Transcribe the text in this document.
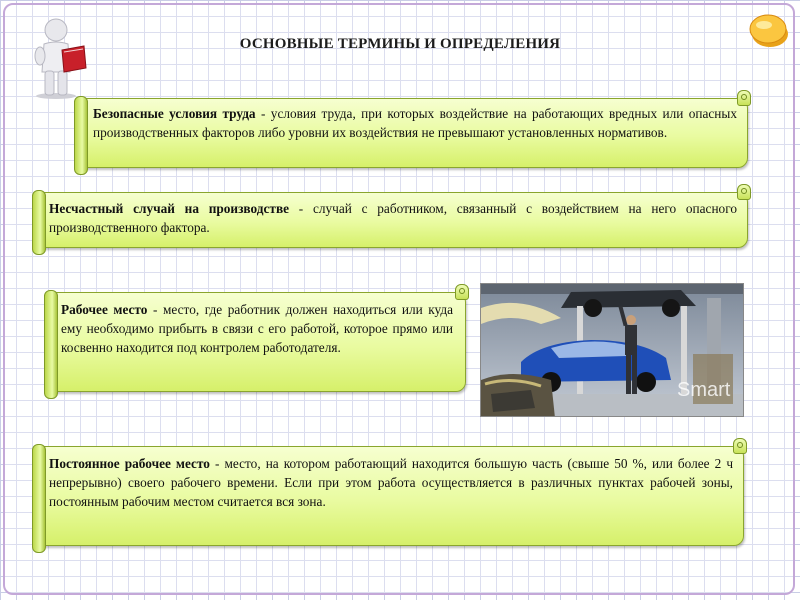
ОСНОВНЫЕ ТЕРМИНЫ И ОПРЕДЕЛЕНИЯ
Безопасные условия труда - условия труда, при которых воздействие на работающих вредных или опасных производственных факторов либо уровни их воздействия не превышают установленных нормативов.
Несчастный случай на производстве - случай с работником, связанный с воздействием на него опасного производственного фактора.
Рабочее место - место, где работник должен находиться или куда ему необходимо прибыть в связи с его работой, которое прямо или косвенно находится под контролем работодателя.
Smart
Постоянное рабочее место - место, на котором работающий находится большую часть (свыше 50 %, или более 2 ч непрерывно) своего рабочего времени. Если при этом работа осуществляется в различных пунктах рабочей зоны, постоянным рабочим местом считается вся зона.
